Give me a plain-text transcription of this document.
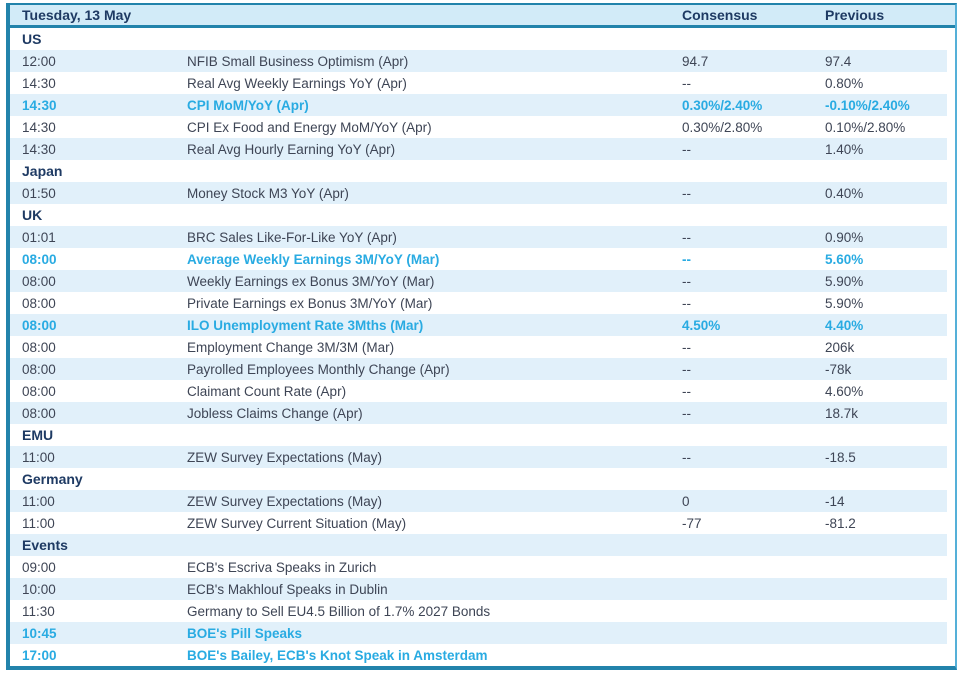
Tuesday, 13 May	Consensus	Previous
US
12:00	NFIB Small Business Optimism (Apr)	94.7	97.4
14:30	Real Avg Weekly Earnings YoY (Apr)	--	0.80%
14:30	CPI MoM/YoY (Apr)	0.30%/2.40%	-0.10%/2.40%
14:30	CPI Ex Food and Energy MoM/YoY (Apr)	0.30%/2.80%	0.10%/2.80%
14:30	Real Avg Hourly Earning YoY (Apr)	--	1.40%
Japan
01:50	Money Stock M3 YoY (Apr)	--	0.40%
UK
01:01	BRC Sales Like-For-Like YoY (Apr)	--	0.90%
08:00	Average Weekly Earnings 3M/YoY (Mar)	--	5.60%
08:00	Weekly Earnings ex Bonus 3M/YoY (Mar)	--	5.90%
08:00	Private Earnings ex Bonus 3M/YoY (Mar)	--	5.90%
08:00	ILO Unemployment Rate 3Mths (Mar)	4.50%	4.40%
08:00	Employment Change 3M/3M (Mar)	--	206k
08:00	Payrolled Employees Monthly Change (Apr)	--	-78k
08:00	Claimant Count Rate (Apr)	--	4.60%
08:00	Jobless Claims Change (Apr)	--	18.7k
EMU
11:00	ZEW Survey Expectations (May)	--	-18.5
Germany
11:00	ZEW Survey Expectations (May)	0	-14
11:00	ZEW Survey Current Situation (May)	-77	-81.2
Events
09:00	ECB's Escriva Speaks in Zurich
10:00	ECB's Makhlouf Speaks in Dublin
11:30	Germany to Sell EU4.5 Billion of 1.7% 2027 Bonds
10:45	BOE's Pill Speaks
17:00	BOE's Bailey, ECB's Knot Speak in Amsterdam
